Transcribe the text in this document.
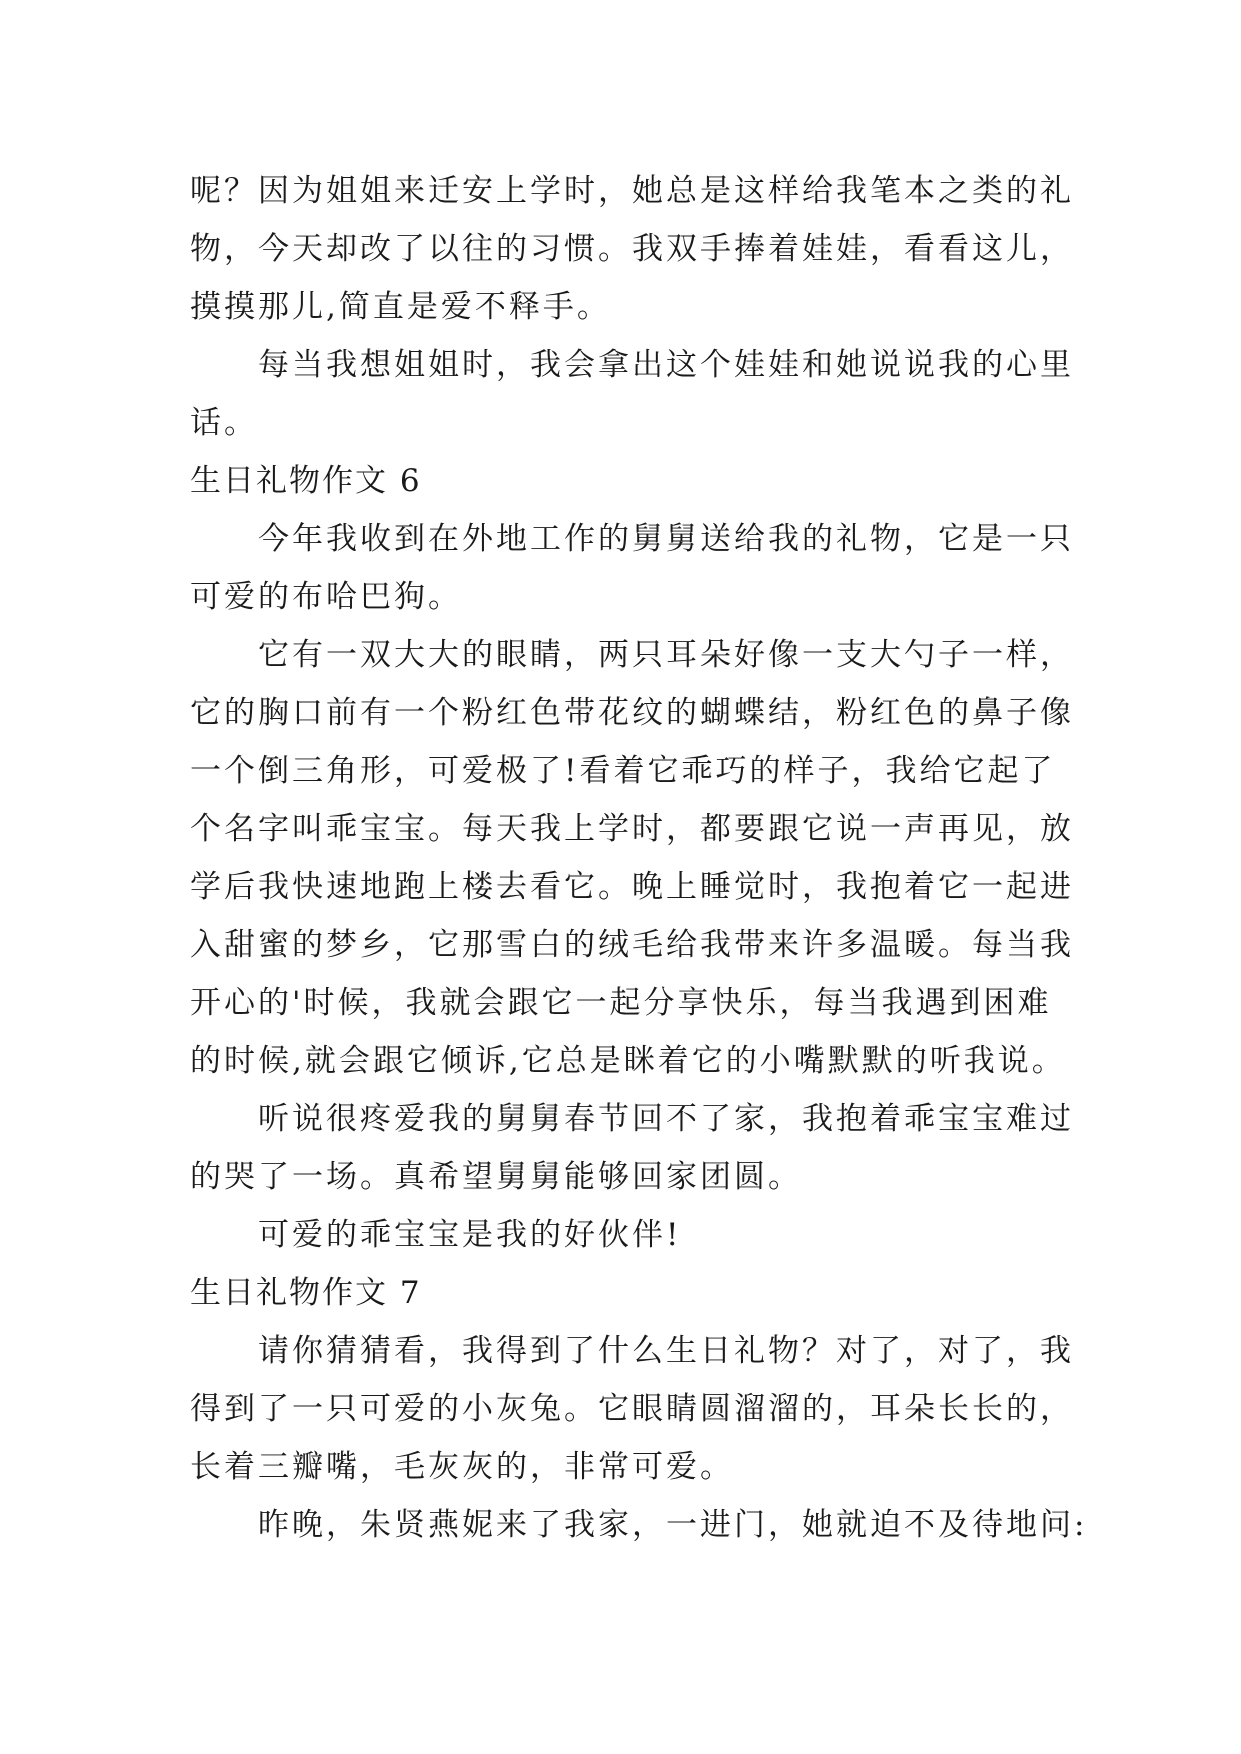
呢？因为姐姐来迁安上学时，她总是这样给我笔本之类的礼
物，今天却改了以往的习惯。我双手捧着娃娃，看看这儿，
摸摸那儿,简直是爱不释手。
每当我想姐姐时，我会拿出这个娃娃和她说说我的心里
话。
生日礼物作文 6
今年我收到在外地工作的舅舅送给我的礼物，它是一只
可爱的布哈巴狗。
它有一双大大的眼睛，两只耳朵好像一支大勺子一样，
它的胸口前有一个粉红色带花纹的蝴蝶结，粉红色的鼻子像
一个倒三角形，可爱极了!看着它乖巧的样子，我给它起了
个名字叫乖宝宝。每天我上学时，都要跟它说一声再见，放
学后我快速地跑上楼去看它。晚上睡觉时，我抱着它一起进
入甜蜜的梦乡，它那雪白的绒毛给我带来许多温暖。每当我
开心的'时候，我就会跟它一起分享快乐，每当我遇到困难
的时候,就会跟它倾诉,它总是眯着它的小嘴默默的听我说。
听说很疼爱我的舅舅春节回不了家，我抱着乖宝宝难过
的哭了一场。真希望舅舅能够回家团圆。
可爱的乖宝宝是我的好伙伴!
生日礼物作文 7
请你猜猜看，我得到了什么生日礼物？对了，对了，我
得到了一只可爱的小灰兔。它眼睛圆溜溜的，耳朵长长的，
长着三瓣嘴，毛灰灰的，非常可爱。
昨晚，朱贤燕妮来了我家，一进门，她就迫不及待地问:
